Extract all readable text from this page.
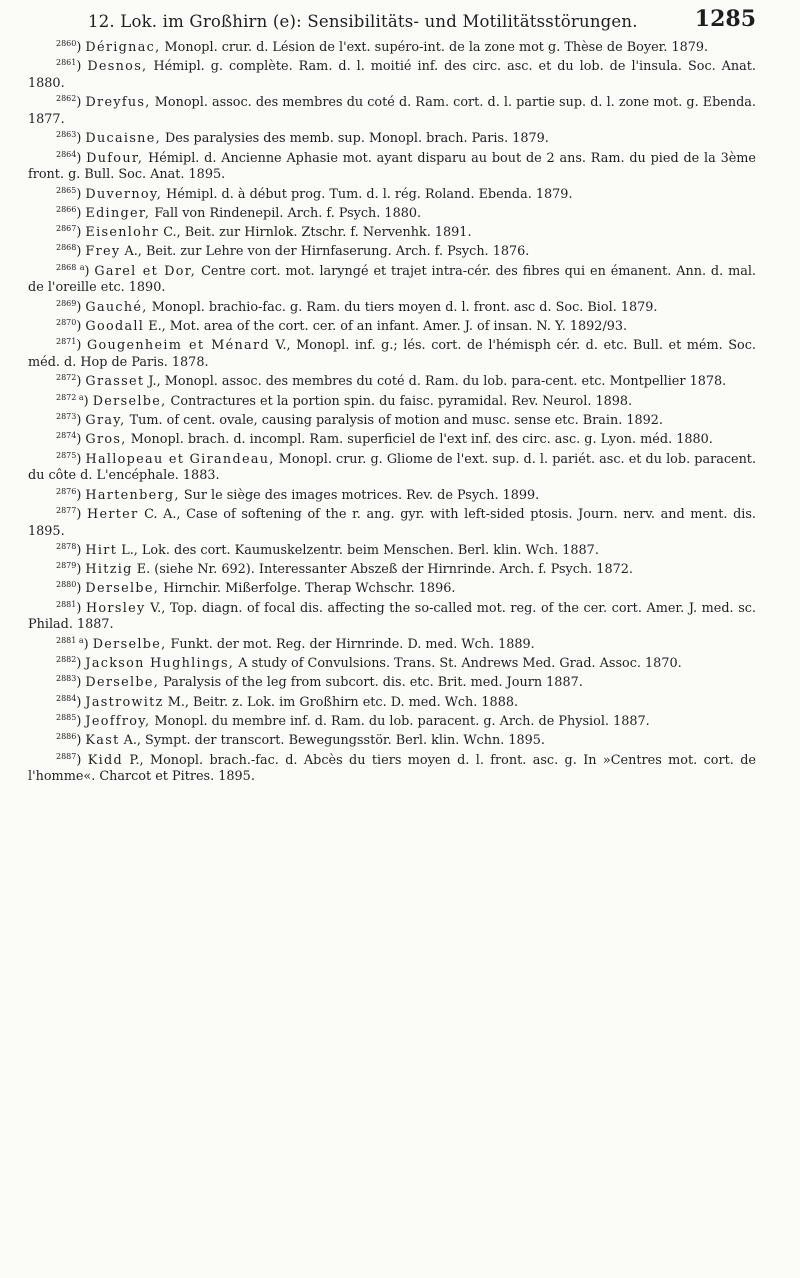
12. Lok. im Großhirn (e): Sensibilitäts- und Motilitätsstörungen.	1285

$^{2860}$) Dérignac, Monopl. crur. d. Lésion de l'ext. supéro-int. de la zone mot g. Thèse de Boyer. 1879.

$^{2861}$) Desnos, Hémipl. g. complète. Ram. d. l. moitié inf. des circ. asc. et du lob. de l'insula. Soc. Anat. 1880.

$^{2862}$) Dreyfus, Monopl. assoc. des membres du coté d. Ram. cort. d. l. partie sup. d. l. zone mot. g. Ebenda. 1877.

$^{2863}$) Ducaisne, Des paralysies des memb. sup. Monopl. brach. Paris. 1879.

$^{2864}$) Dufour, Hémipl. d. Ancienne Aphasie mot. ayant disparu au bout de 2 ans. Ram. du pied de la 3ème front. g. Bull. Soc. Anat. 1895.

$^{2865}$) Duvernoy, Hémipl. d. à début prog. Tum. d. l. rég. Roland. Ebenda. 1879.

$^{2866}$) Edinger, Fall von Rindenepil. Arch. f. Psych. 1880.

$^{2867}$) Eisenlohr C., Beit. zur Hirnlok. Ztschr. f. Nervenhk. 1891.

$^{2868}$) Frey A., Beit. zur Lehre von der Hirnfaserung. Arch. f. Psych. 1876.

$^{2868 a}$) Garel et Dor, Centre cort. mot. laryngé et trajet intra-cér. des fibres qui en émanent. Ann. d. mal. de l'oreille etc. 1890.

$^{2869}$) Gauché, Monopl. brachio-fac. g. Ram. du tiers moyen d. l. front. asc d. Soc. Biol. 1879.

$^{2870}$) Goodall E., Mot. area of the cort. cer. of an infant. Amer. J. of insan. N. Y. 1892/93.

$^{2871}$) Gougenheim et Ménard V., Monopl. inf. g.; lés. cort. de l'hémisph cér. d. etc. Bull. et mém. Soc. méd. d. Hop de Paris. 1878.

$^{2872}$) Grasset J., Monopl. assoc. des membres du coté d. Ram. du lob. para-cent. etc. Montpellier 1878.

$^{2872 a}$) Derselbe, Contractures et la portion spin. du faisc. pyramidal. Rev. Neurol. 1898.

$^{2873}$) Gray, Tum. of cent. ovale, causing paralysis of motion and musc. sense etc. Brain. 1892.

$^{2874}$) Gros, Monopl. brach. d. incompl. Ram. superficiel de l'ext inf. des circ. asc. g. Lyon. méd. 1880.

$^{2875}$) Hallopeau et Girandeau, Monopl. crur. g. Gliome de l'ext. sup. d. l. pariét. asc. et du lob. paracent. du côte d. L'encéphale. 1883.

$^{2876}$) Hartenberg, Sur le siège des images motrices. Rev. de Psych. 1899.

$^{2877}$) Herter C. A., Case of softening of the r. ang. gyr. with left-sided ptosis. Journ. nerv. and ment. dis. 1895.

$^{2878}$) Hirt L., Lok. des cort. Kaumuskelzentr. beim Menschen. Berl. klin. Wch. 1887.

$^{2879}$) Hitzig E. (siehe Nr. 692). Interessanter Abszeß der Hirnrinde. Arch. f. Psych. 1872.

$^{2880}$) Derselbe, Hirnchir. Mißerfolge. Therap Wchschr. 1896.

$^{2881}$) Horsley V., Top. diagn. of focal dis. affecting the so-called mot. reg. of the cer. cort. Amer. J. med. sc. Philad. 1887.

$^{2881 a}$) Derselbe, Funkt. der mot. Reg. der Hirnrinde. D. med. Wch. 1889.

$^{2882}$) Jackson Hughlings, A study of Convulsions. Trans. St. Andrews Med. Grad. Assoc. 1870.

$^{2883}$) Derselbe, Paralysis of the leg from subcort. dis. etc. Brit. med. Journ 1887.

$^{2884}$) Jastrowitz M., Beitr. z. Lok. im Großhirn etc. D. med. Wch. 1888.

$^{2885}$) Jeoffroy, Monopl. du membre inf. d. Ram. du lob. paracent. g. Arch. de Physiol. 1887.

$^{2886}$) Kast A., Sympt. der transcort. Bewegungsstör. Berl. klin. Wchn. 1895.

$^{2887}$) Kidd P., Monopl. brach.-fac. d. Abcès du tiers moyen d. l. front. asc. g. In »Centres mot. cort. de l'homme«. Charcot et Pitres. 1895.
